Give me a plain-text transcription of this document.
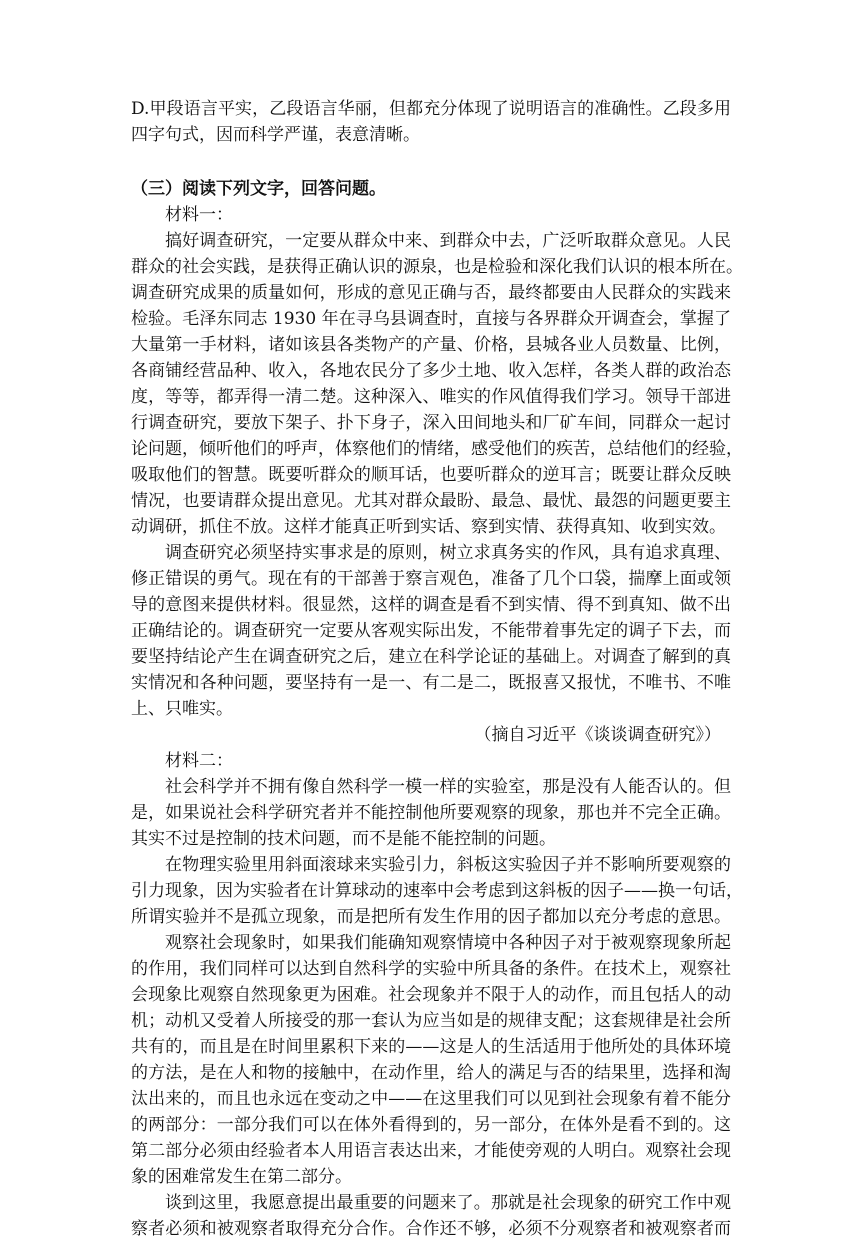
D.甲段语言平实，乙段语言华丽，但都充分体现了说明语言的准确性。乙段多用
四字句式，因而科学严谨，表意清晰。
（三）阅读下列文字，回答问题。
材料一：
搞好调查研究，一定要从群众中来、到群众中去，广泛听取群众意见。人民
群众的社会实践，是获得正确认识的源泉，也是检验和深化我们认识的根本所在。
调查研究成果的质量如何，形成的意见正确与否，最终都要由人民群众的实践来
检验。毛泽东同志 1930 年在寻乌县调查时，直接与各界群众开调查会，掌握了
大量第一手材料，诸如该县各类物产的产量、价格，县城各业人员数量、比例，
各商铺经营品种、收入，各地农民分了多少土地、收入怎样，各类人群的政治态
度，等等，都弄得一清二楚。这种深入、唯实的作风值得我们学习。领导干部进
行调查研究，要放下架子、扑下身子，深入田间地头和厂矿车间，同群众一起讨
论问题，倾听他们的呼声，体察他们的情绪，感受他们的疾苦，总结他们的经验，
吸取他们的智慧。既要听群众的顺耳话，也要听群众的逆耳言；既要让群众反映
情况，也要请群众提出意见。尤其对群众最盼、最急、最忧、最怨的问题更要主
动调研，抓住不放。这样才能真正听到实话、察到实情、获得真知、收到实效。
调查研究必须坚持实事求是的原则，树立求真务实的作风，具有追求真理、
修正错误的勇气。现在有的干部善于察言观色，准备了几个口袋，揣摩上面或领
导的意图来提供材料。很显然，这样的调查是看不到实情、得不到真知、做不出
正确结论的。调查研究一定要从客观实际出发，不能带着事先定的调子下去，而
要坚持结论产生在调查研究之后，建立在科学论证的基础上。对调查了解到的真
实情况和各种问题，要坚持有一是一、有二是二，既报喜又报忧，不唯书、不唯
上、只唯实。
（摘自习近平《谈谈调查研究》）
材料二：
社会科学并不拥有像自然科学一模一样的实验室，那是没有人能否认的。但
是，如果说社会科学研究者并不能控制他所要观察的现象，那也并不完全正确。
其实不过是控制的技术问题，而不是能不能控制的问题。
在物理实验里用斜面滚球来实验引力，斜板这实验因子并不影响所要观察的
引力现象，因为实验者在计算球动的速率中会考虑到这斜板的因子——换一句话，
所谓实验并不是孤立现象，而是把所有发生作用的因子都加以充分考虑的意思。
观察社会现象时，如果我们能确知观察情境中各种因子对于被观察现象所起
的作用，我们同样可以达到自然科学的实验中所具备的条件。在技术上，观察社
会现象比观察自然现象更为困难。社会现象并不限于人的动作，而且包括人的动
机；动机又受着人所接受的那一套认为应当如是的规律支配；这套规律是社会所
共有的，而且是在时间里累积下来的——这是人的生活适用于他所处的具体环境
的方法，是在人和物的接触中，在动作里，给人的满足与否的结果里，选择和淘
汰出来的，而且也永远在变动之中——在这里我们可以见到社会现象有着不能分
的两部分：一部分我们可以在体外看得到的，另一部分，在体外是看不到的。这
第二部分必须由经验者本人用语言表达出来，才能使旁观的人明白。观察社会现
象的困难常发生在第二部分。
谈到这里，我愿意提出最重要的问题来了。那就是社会现象的研究工作中观
察者必须和被观察者取得充分合作。合作还不够，必须不分观察者和被观察者而
